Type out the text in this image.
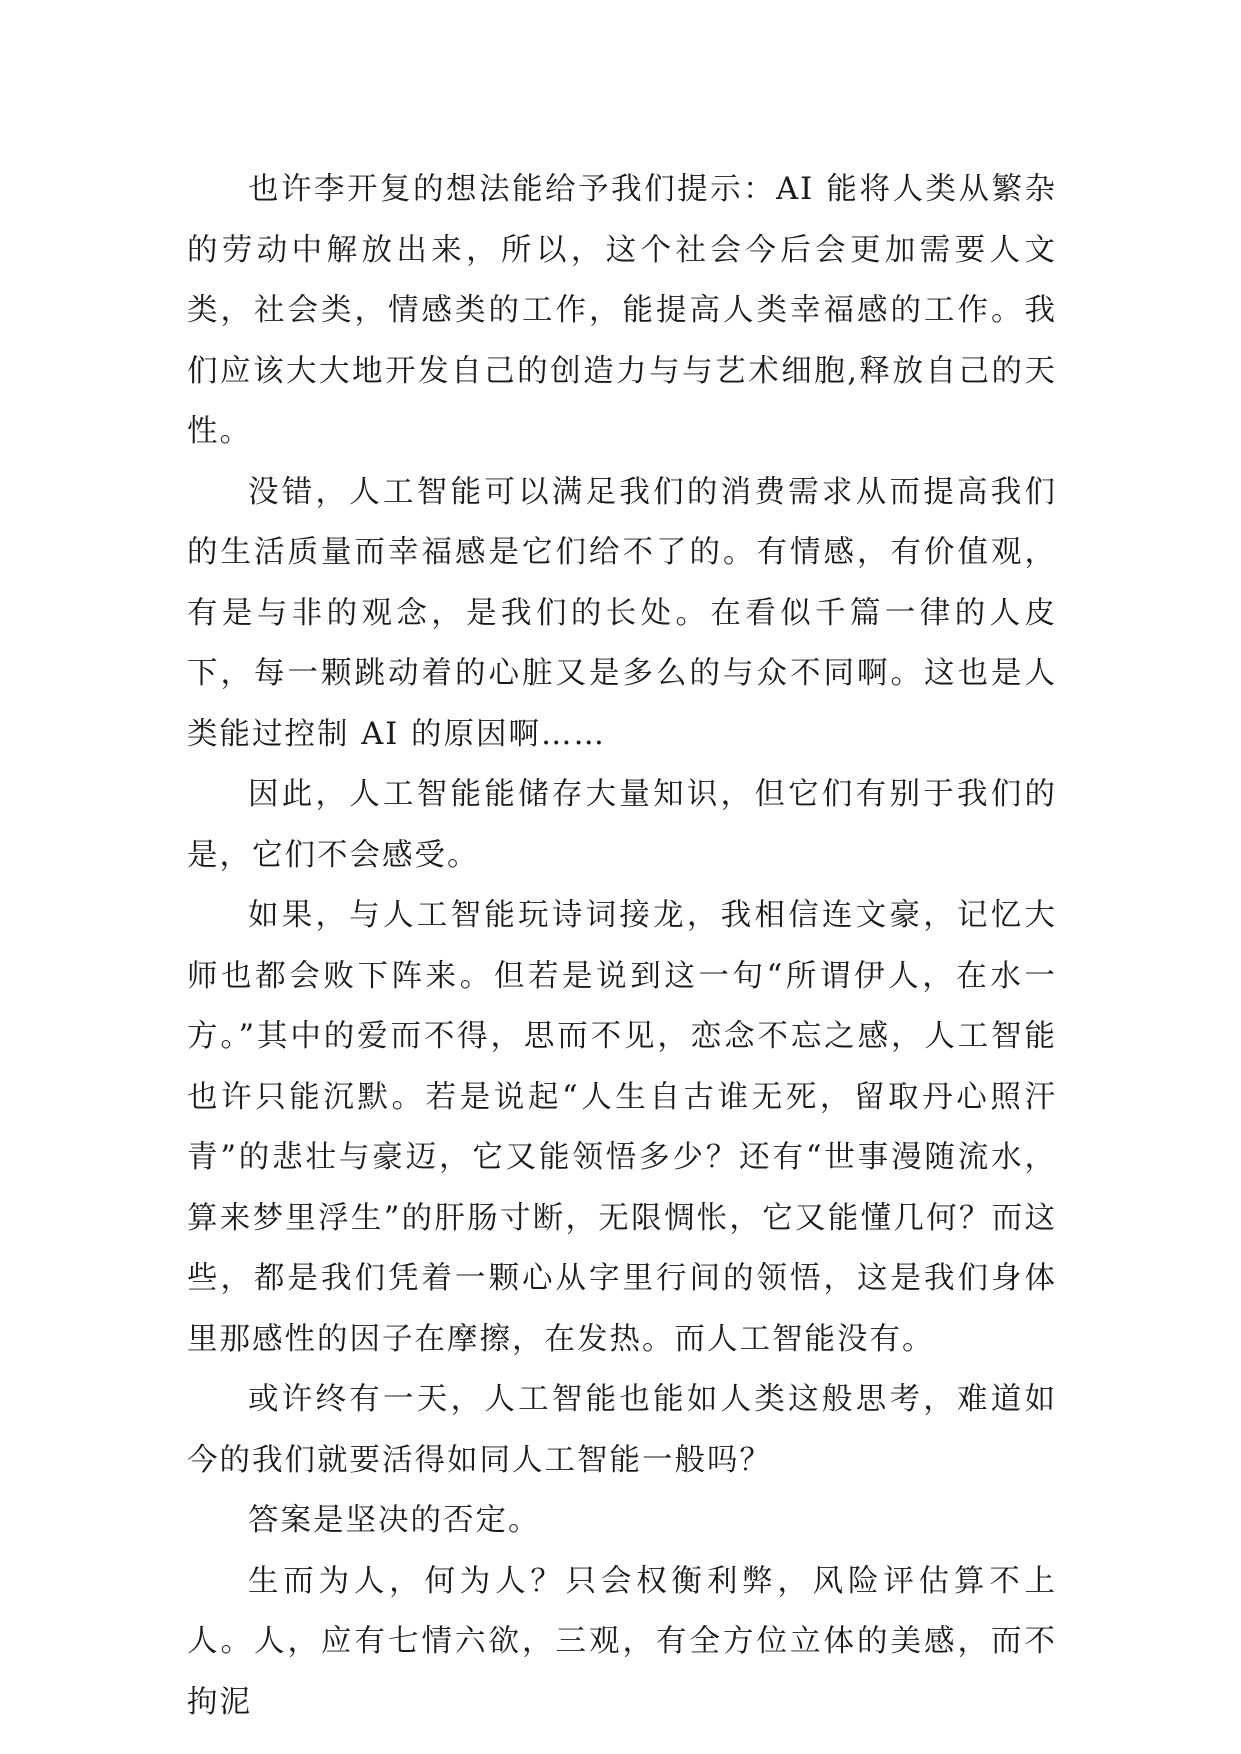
也许李开复的想法能给予我们提示：AI 能将人类从繁杂的劳动中解放出来，所以，这个社会今后会更加需要人文类，社会类，情感类的工作，能提高人类幸福感的工作。我们应该大大地开发自己的创造力与与艺术细胞,释放自己的天性。

没错，人工智能可以满足我们的消费需求从而提高我们的生活质量而幸福感是它们给不了的。有情感，有价值观，有是与非的观念，是我们的长处。在看似千篇一律的人皮下，每一颗跳动着的心脏又是多么的与众不同啊。这也是人类能过控制 AI 的原因啊……

因此，人工智能能储存大量知识，但它们有别于我们的是，它们不会感受。

如果，与人工智能玩诗词接龙，我相信连文豪，记忆大师也都会败下阵来。但若是说到这一句“所谓伊人，在水一方。”其中的爱而不得，思而不见，恋念不忘之感，人工智能也许只能沉默。若是说起“人生自古谁无死，留取丹心照汗青”的悲壮与豪迈，它又能领悟多少？还有“世事漫随流水，算来梦里浮生”的肝肠寸断，无限惆怅，它又能懂几何？而这些，都是我们凭着一颗心从字里行间的领悟，这是我们身体里那感性的因子在摩擦，在发热。而人工智能没有。

或许终有一天，人工智能也能如人类这般思考，难道如今的我们就要活得如同人工智能一般吗？

答案是坚决的否定。

生而为人，何为人？只会权衡利弊，风险评估算不上人。人，应有七情六欲，三观，有全方位立体的美感，而不拘泥
